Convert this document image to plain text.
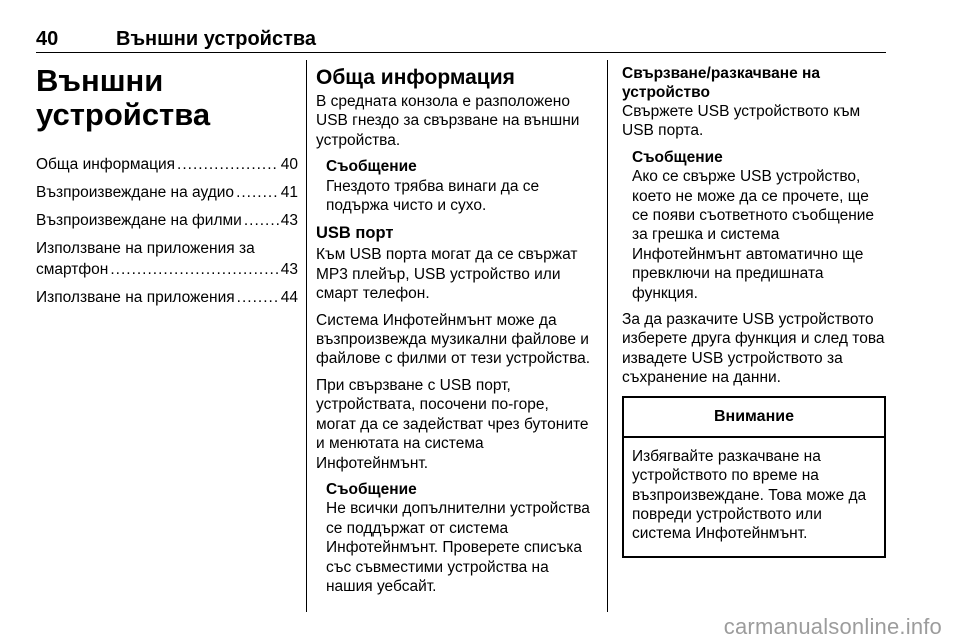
40	Външни устройства
Външни устройства
Обща информация .....	40
Възпроизвеждане на аудио .....	41
Възпроизвеждане на филми .....	43
Използване на приложения за
смартфон .....	43
Използване на приложения .....	44
Обща информация

В средната конзола е разположено USB гнездо за свързване на външни устройства.

Съобщение
Гнездото трябва винаги да се подържа чисто и сухо.
USB порт

Към USB порта могат да се свържат MP3 плейър, USB устройство или смарт телефон.

Система Инфотейнмънт може да възпроизвежда музикални файлове и файлове с филми от тези устройства.

При свързване с USB порт, устройствата, посочени по-горе, могат да се задействат чрез бутоните и менютата на система Инфотейнмънт.

Съобщение
Не всички допълнителни устройства се поддържат от система Инфотейнмънт. Проверете списъка със съвместими устройства на нашия уебсайт.
Свързване/разкачване на устройство

Свържете USB устройството към USB порта.

Съобщение
Ако се свърже USB устройство, което не може да се прочете, ще се появи съответното съобщение за грешка и система Инфотейнмънт автоматично ще превключи на предишната функция.

За да разкачите USB устройството изберете друга функция и след това извадете USB устройството за съхранение на данни.

Внимание
Избягвайте разкачване на устройството по време на възпроизвеждане. Това може да повреди устройството или система Инфотейнмънт.
carmanualsonline.info
